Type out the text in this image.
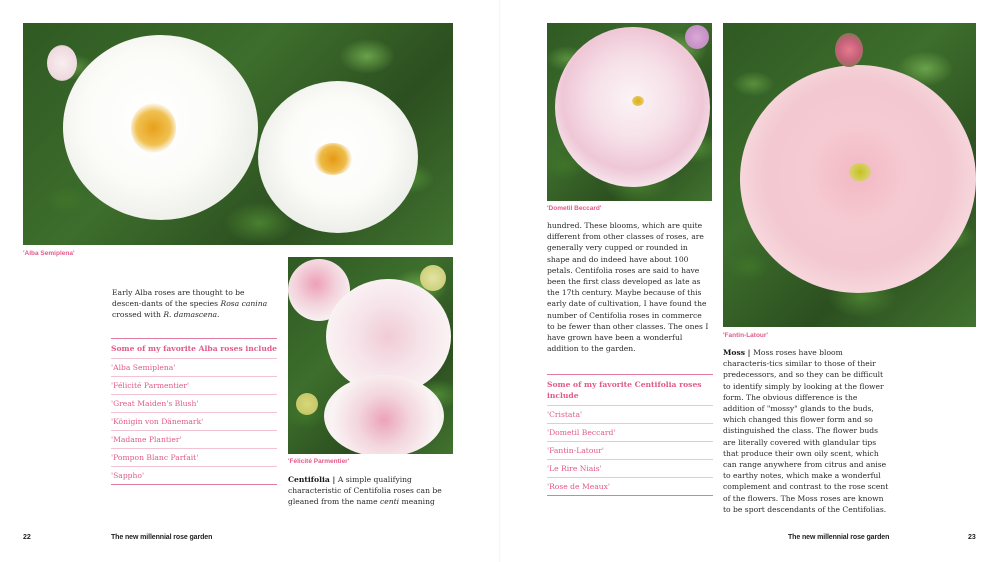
'Alba Semiplena'
Early Alba roses are thought to be descen-dants of the species Rosa canina crossed with R. damascena.
Some of my favorite Alba roses include
'Alba Semiplena'
'Félicité Parmentier'
'Great Maiden's Blush'
'Königin von Dänemark'
'Madame Plantier'
'Pompon Blanc Parfait'
'Sappho'
'Félicité Parmentier'
Centifolia | A simple qualifying characteristic of Centifolia roses can be gleaned from the name centi meaning
22	The new millennial rose garden
'Dometil Beccard'
hundred. These blooms, which are quite different from other classes of roses, are generally very cupped or rounded in shape and do indeed have about 100 petals. Centifolia roses are said to have been the first class developed as late as the 17th century. Maybe because of this early date of cultivation, I have found the number of Centifolia roses in commerce to be fewer than other classes. The ones I have grown have been a wonderful addition to the garden.
Some of my favorite Centifolia roses include
'Cristata'
'Dometil Beccard'
'Fantin-Latour'
'Le Rire Niais'
'Rose de Meaux'
'Fantin-Latour'
Moss | Moss roses have bloom characteris-tics similar to those of their predecessors, and so they can be difficult to identify simply by looking at the flower form. The obvious difference is the addition of "mossy" glands to the buds, which changed this flower form and so distinguished the class. The flower buds are literally covered with glandular tips that produce their own oily scent, which can range anywhere from citrus and anise to earthy notes, which make a wonderful complement and contrast to the rose scent of the flowers. The Moss roses are known to be sport descendants of the Centifolias.
The new millennial rose garden	23
